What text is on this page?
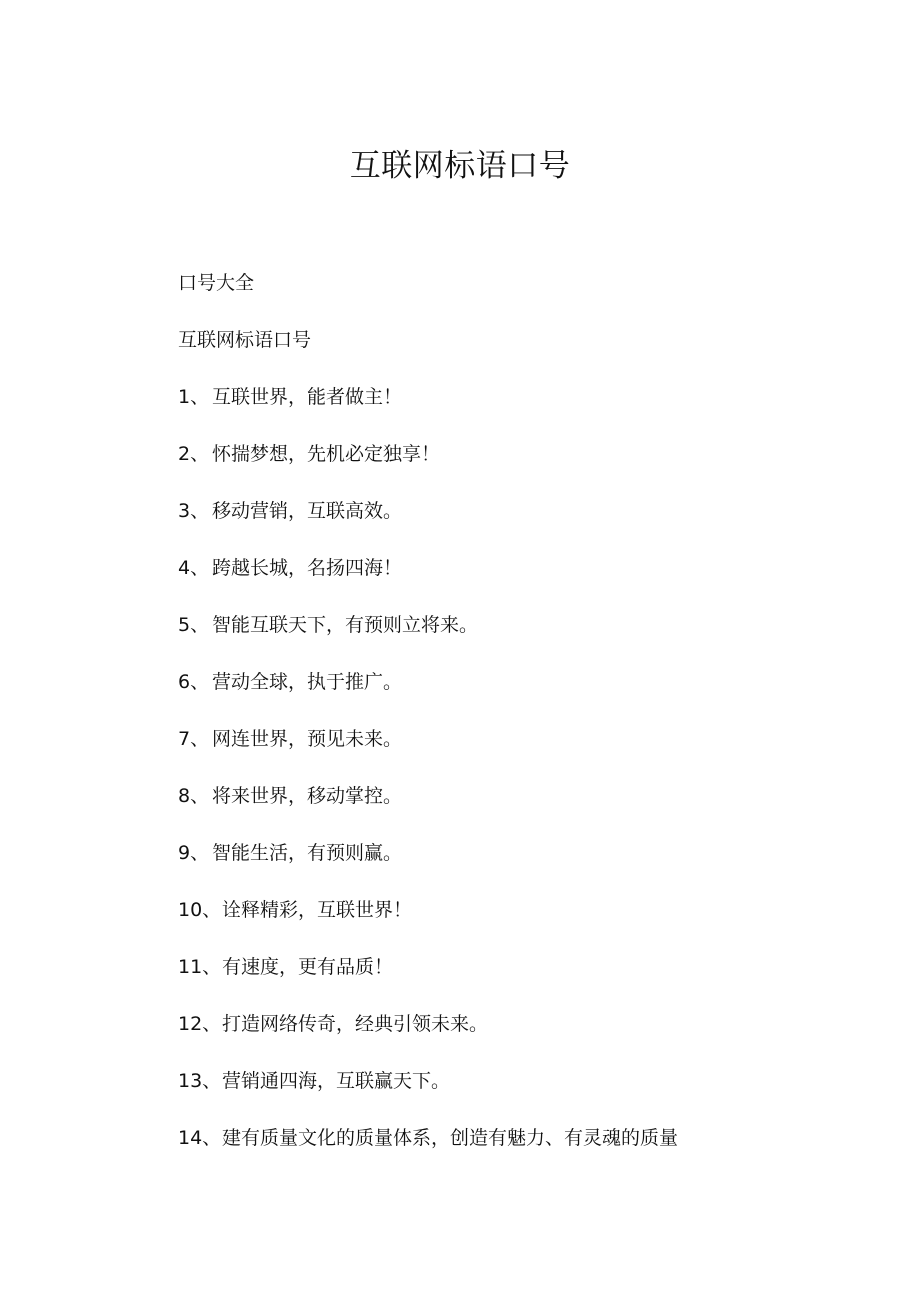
互联网标语口号
口号大全
互联网标语口号
1、 互联世界，能者做主！
2、 怀揣梦想，先机必定独享！
3、 移动营销，互联高效。
4、 跨越长城，名扬四海！
5、 智能互联天下，有预则立将来。
6、 营动全球，执于推广。
7、 网连世界，预见未来。
8、 将来世界，移动掌控。
9、 智能生活，有预则赢。
10、诠释精彩，互联世界！
11、有速度，更有品质！
12、打造网络传奇，经典引领未来。
13、营销通四海，互联赢天下。
14、建有质量文化的质量体系，创造有魅力、有灵魂的质量
